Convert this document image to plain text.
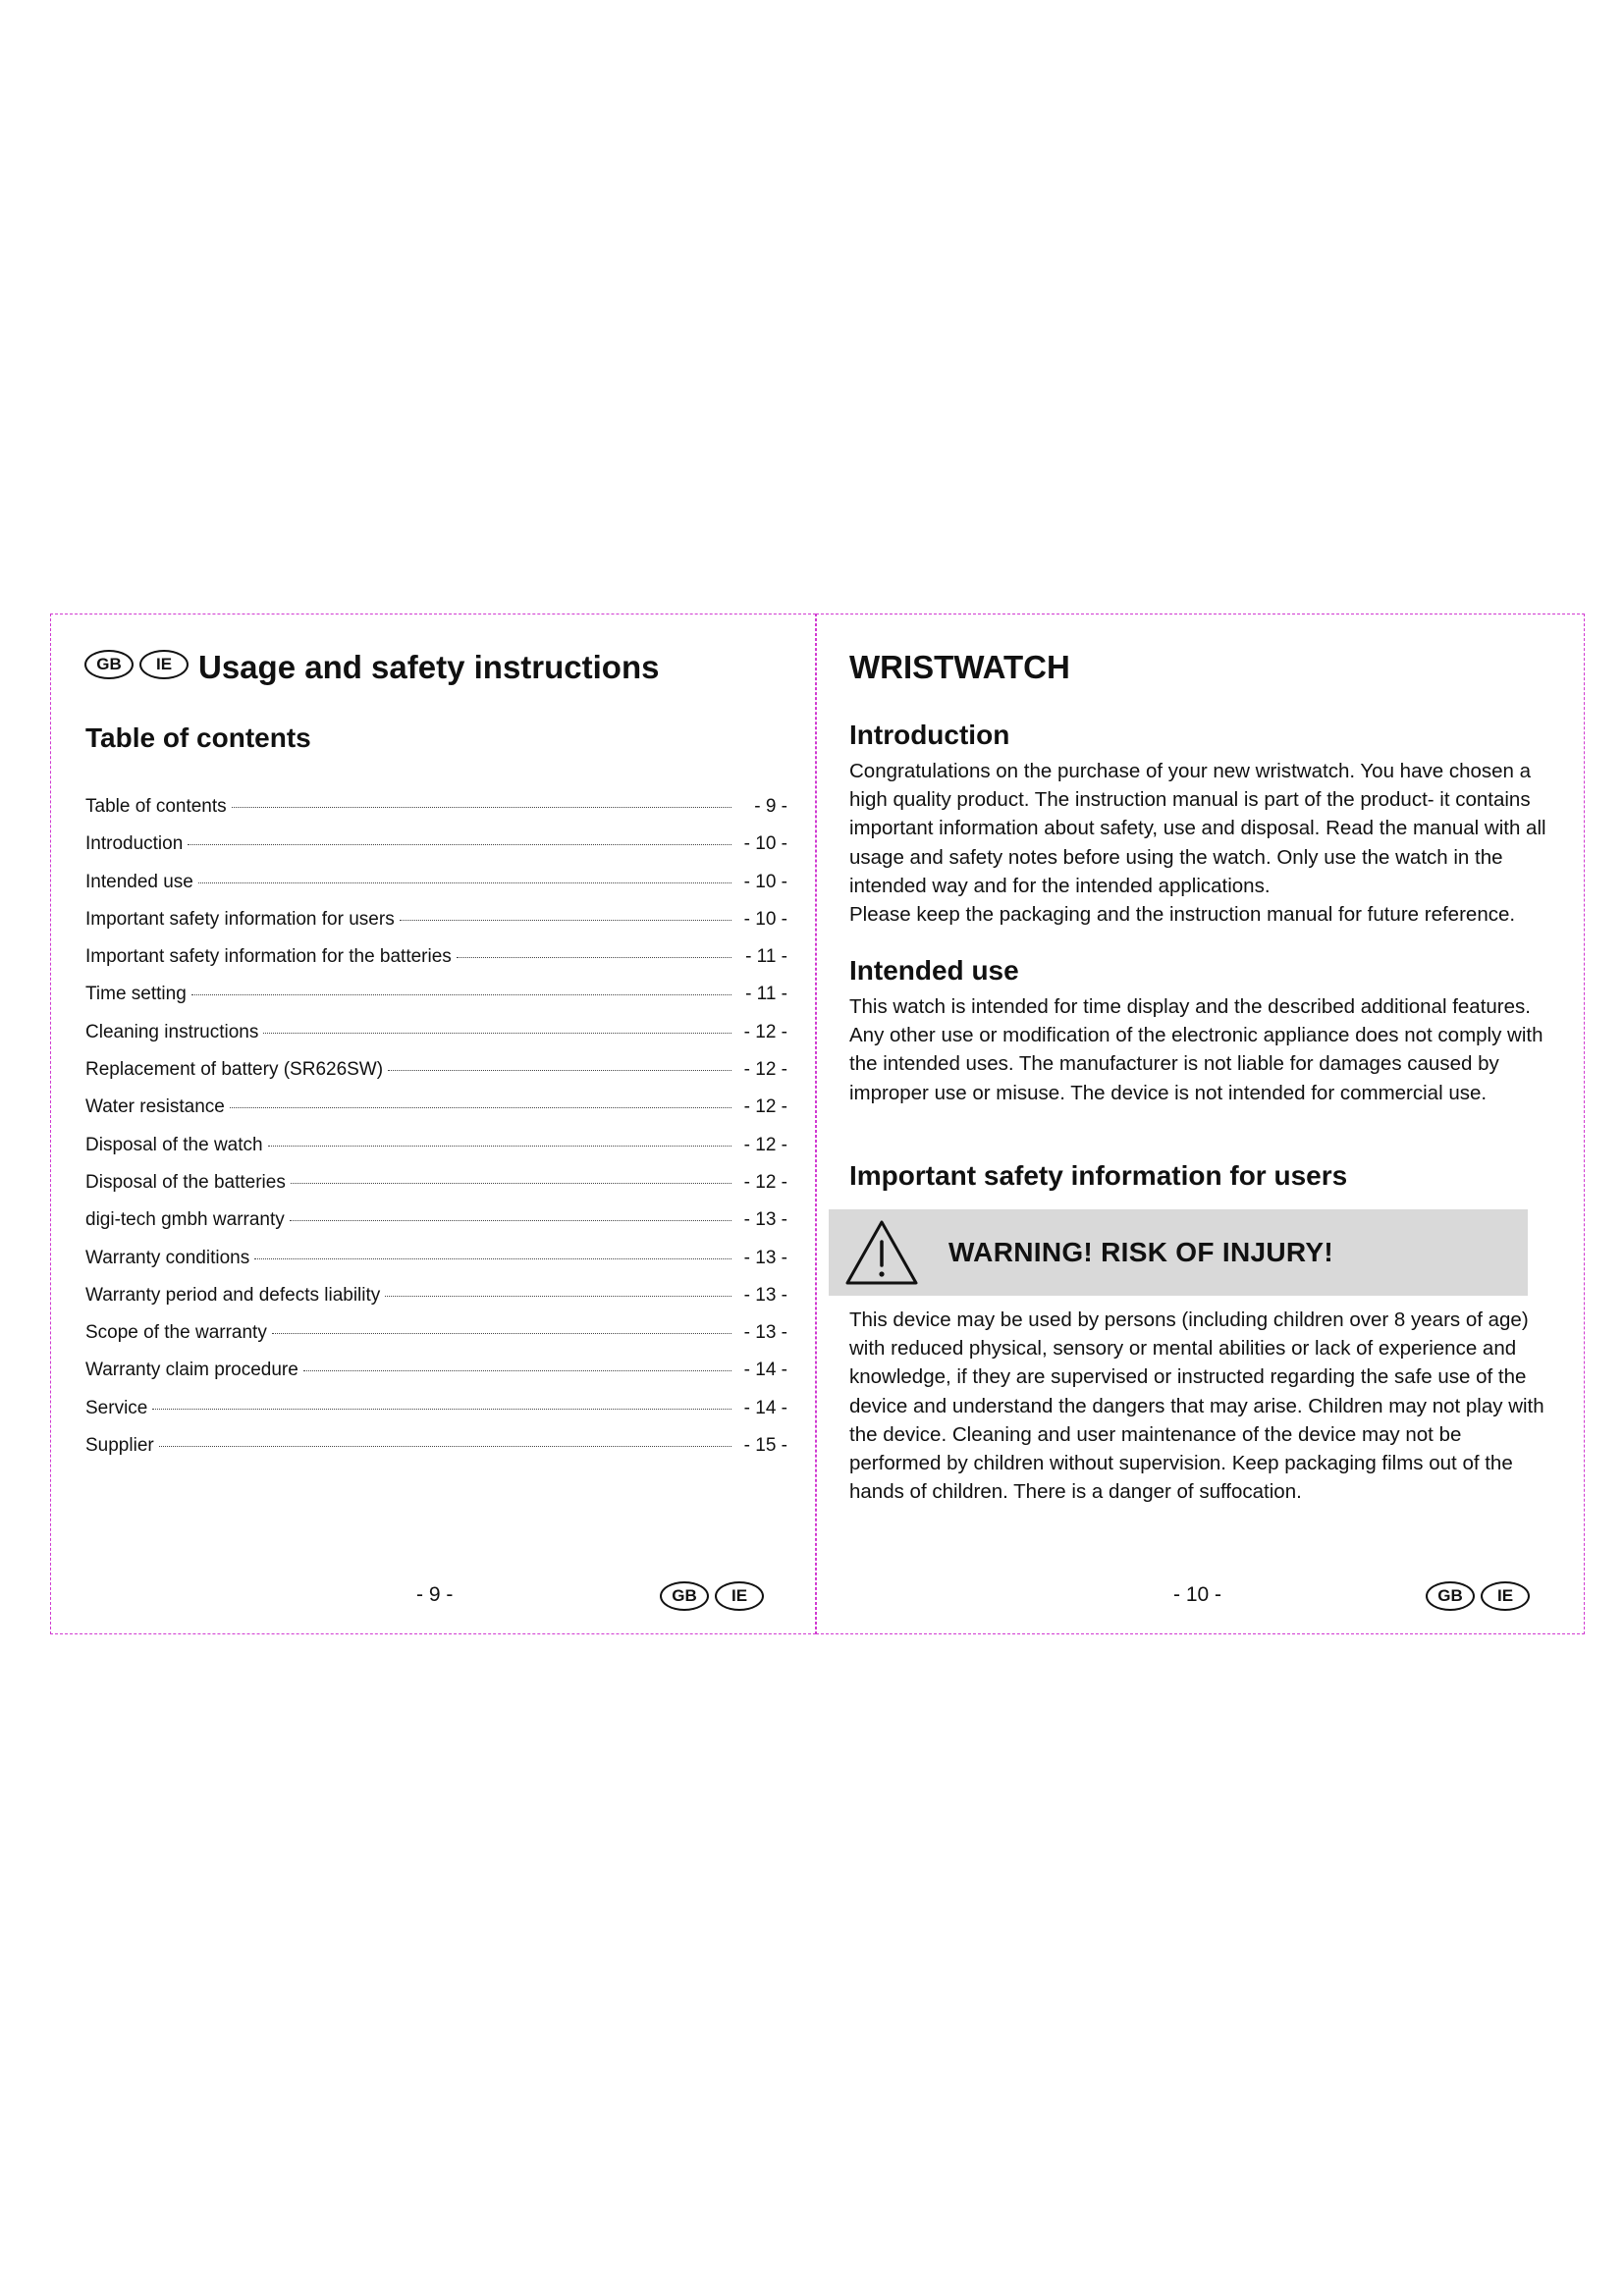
GB	IE Usage and safety instructions
Table of contents
Table of contents	- 9 -
Introduction	- 10 -
Intended use	- 10 -
Important safety information for users	- 10 -
Important safety information for the batteries	- 11 -
Time setting	- 11 -
Cleaning instructions	- 12 -
Replacement of battery (SR626SW)	- 12 -
Water resistance	- 12 -
Disposal of the watch	- 12 -
Disposal of the batteries	- 12 -
digi-tech gmbh warranty	- 13 -
Warranty conditions	- 13 -
Warranty period and defects liability	- 13 -
Scope of the warranty	- 13 -
Warranty claim procedure	- 14 -
Service	- 14 -
Supplier	- 15 -
- 9 -	GB	IE
WRISTWATCH
Introduction

Congratulations on the purchase of your new wristwatch. You have chosen a high quality product. The instruction manual is part of the product- it contains important information about safety, use and disposal. Read the manual with all usage and safety notes before using the watch. Only use the watch in the intended way and for the intended applications.

Please keep the packaging and the instruction manual for future reference.

Intended use

This watch is intended for time display and the described additional features. Any other use or modification of the electronic appliance does not comply with the intended uses. The manufacturer is not liable for damages caused by improper use or misuse. The device is not intended for commercial use.

Important safety information for users
WARNING! RISK OF INJURY!

This device may be used by persons (including children over 8 years of age) with reduced physical, sensory or mental abilities or lack of experience and knowledge, if they are supervised or instructed regarding the safe use of the device and understand the dangers that may arise. Children may not play with the device. Cleaning and user maintenance of the device may not be performed by children without supervision. Keep packaging films out of the hands of children. There is a danger of suffocation.

- 10 -	GB	IE
